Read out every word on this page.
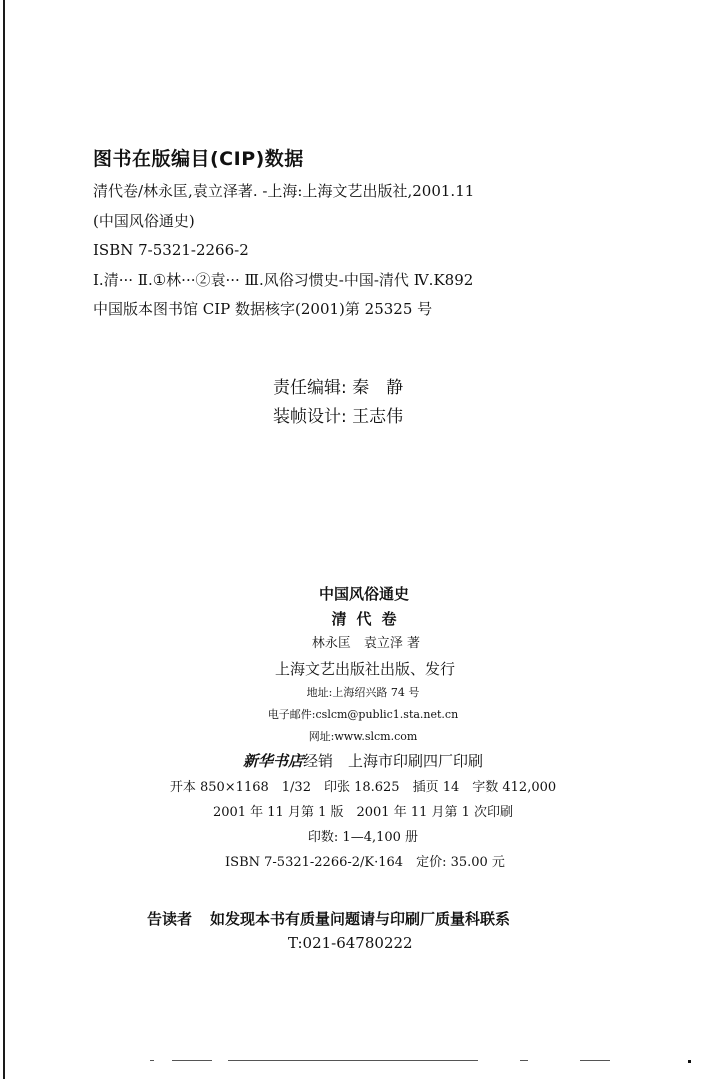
图书在版编目(CIP)数据
清代卷/林永匡,袁立泽著. -上海:上海文艺出版社,2001.11
(中国风俗通史)
ISBN 7-5321-2266-2
Ⅰ.清··· Ⅱ.①林···②袁··· Ⅲ.风俗习惯史-中国-清代 Ⅳ.K892
中国版本图书馆 CIP 数据核字(2001)第 25325 号
责任编辑: 秦　静
装帧设计: 王志伟
中国风俗通史
清代卷
林永匡　袁立泽 著
上海文艺出版社出版、发行
地址:上海绍兴路 74 号
电子邮件:cslcm@public1.sta.net.cn
网址:www.slcm.com
新华书店经销　上海市印刷四厂印刷
开本 850×1168　1/32　印张 18.625　插页 14　字数 412,000
2001 年 11 月第 1 版　2001 年 11 月第 1 次印刷
印数: 1—4,100 册
ISBN 7-5321-2266-2/K·164　定价: 35.00 元
告读者 如发现本书有质量问题请与印刷厂质量科联系
T:021-64780222
